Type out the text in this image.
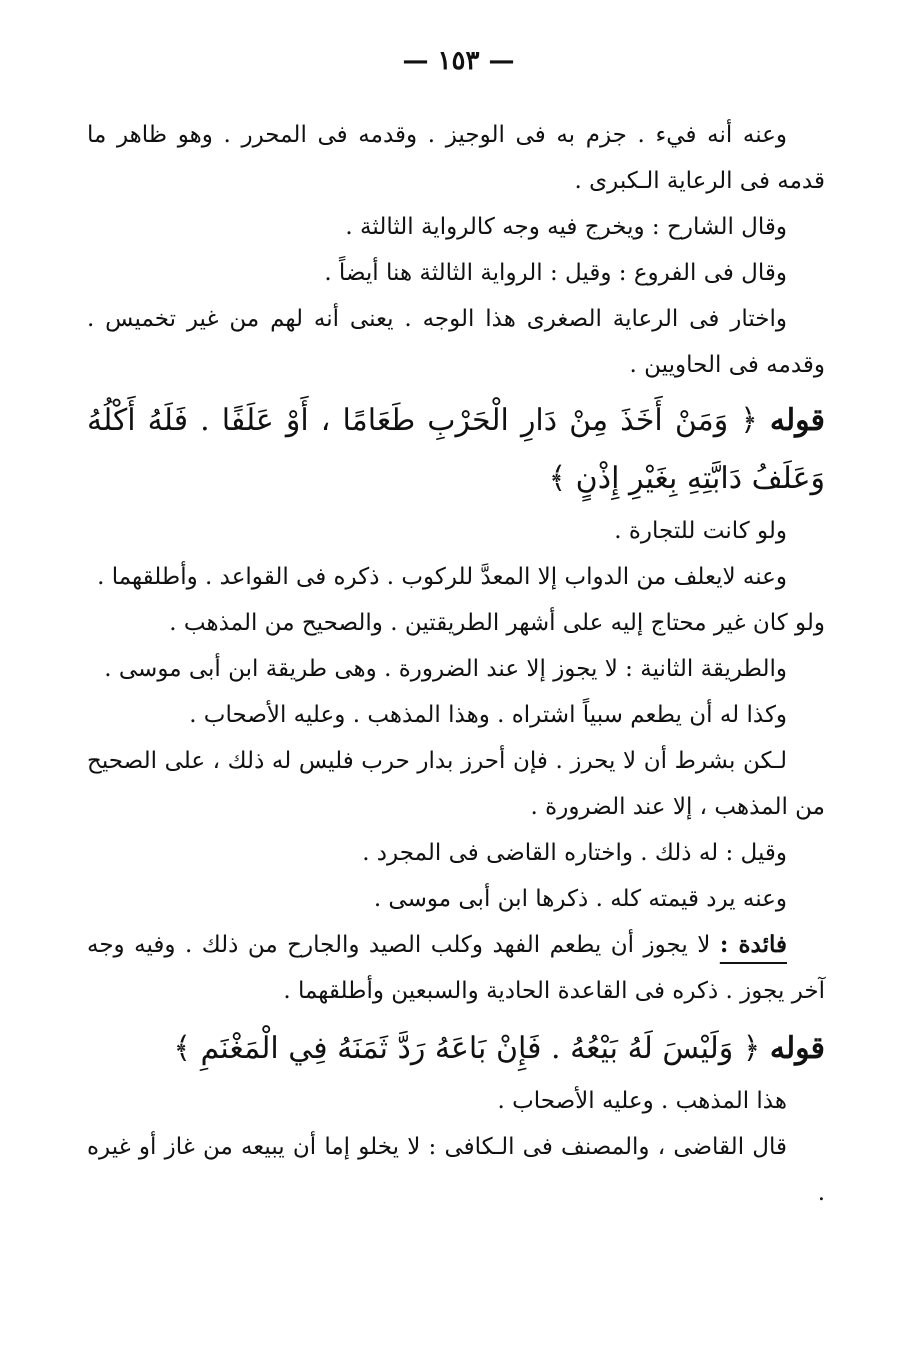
— ١٥٣ —

وعنه أنه فيء . جزم به فى الوجيز . وقدمه فى المحرر . وهو ظاهر ما قدمه فى الرعاية الـكبرى .

وقال الشارح : ويخرج فيه وجه كالرواية الثالثة .

وقال فى الفروع : وقيل : الرواية الثالثة هنا أيضاً .

واختار فى الرعاية الصغرى هذا الوجه . يعنى أنه لهم من غير تخميس . وقدمه فى الحاويين .

قوله ﴿ وَمَنْ أَخَذَ مِنْ دَارِ الْحَرْبِ طَعَامًا ، أَوْ عَلَفًا . فَلَهُ أَكْلُهُ وَعَلَفُ دَابَّتِهِ بِغَيْرِ إِذْنٍ ﴾

ولو كانت للتجارة .

وعنه لايعلف من الدواب إلا المعدَّ للركوب . ذكره فى القواعد . وأطلقهما .

ولو كان غير محتاج إليه على أشهر الطريقتين . والصحيح من المذهب .

والطريقة الثانية : لا يجوز إلا عند الضرورة . وهى طريقة ابن أبى موسى .

وكذا له أن يطعم سبياً اشتراه . وهذا المذهب . وعليه الأصحاب .

لـكن بشرط أن لا يحرز . فإن أحرز بدار حرب فليس له ذلك ، على الصحيح من المذهب ، إلا عند الضرورة .

وقيل : له ذلك . واختاره القاضى فى المجرد .

وعنه يرد قيمته كله . ذكرها ابن أبى موسى .

فائدة : لا يجوز أن يطعم الفهد وكلب الصيد والجارح من ذلك . وفيه وجه آخر يجوز . ذكره فى القاعدة الحادية والسبعين وأطلقهما .

قوله ﴿ وَلَيْسَ لَهُ بَيْعُهُ . فَإِنْ بَاعَهُ رَدَّ ثَمَنَهُ فِي الْمَغْنَمِ ﴾

هذا المذهب . وعليه الأصحاب .

قال القاضى ، والمصنف فى الـكافى : لا يخلو إما أن يبيعه من غاز أو غيره .
